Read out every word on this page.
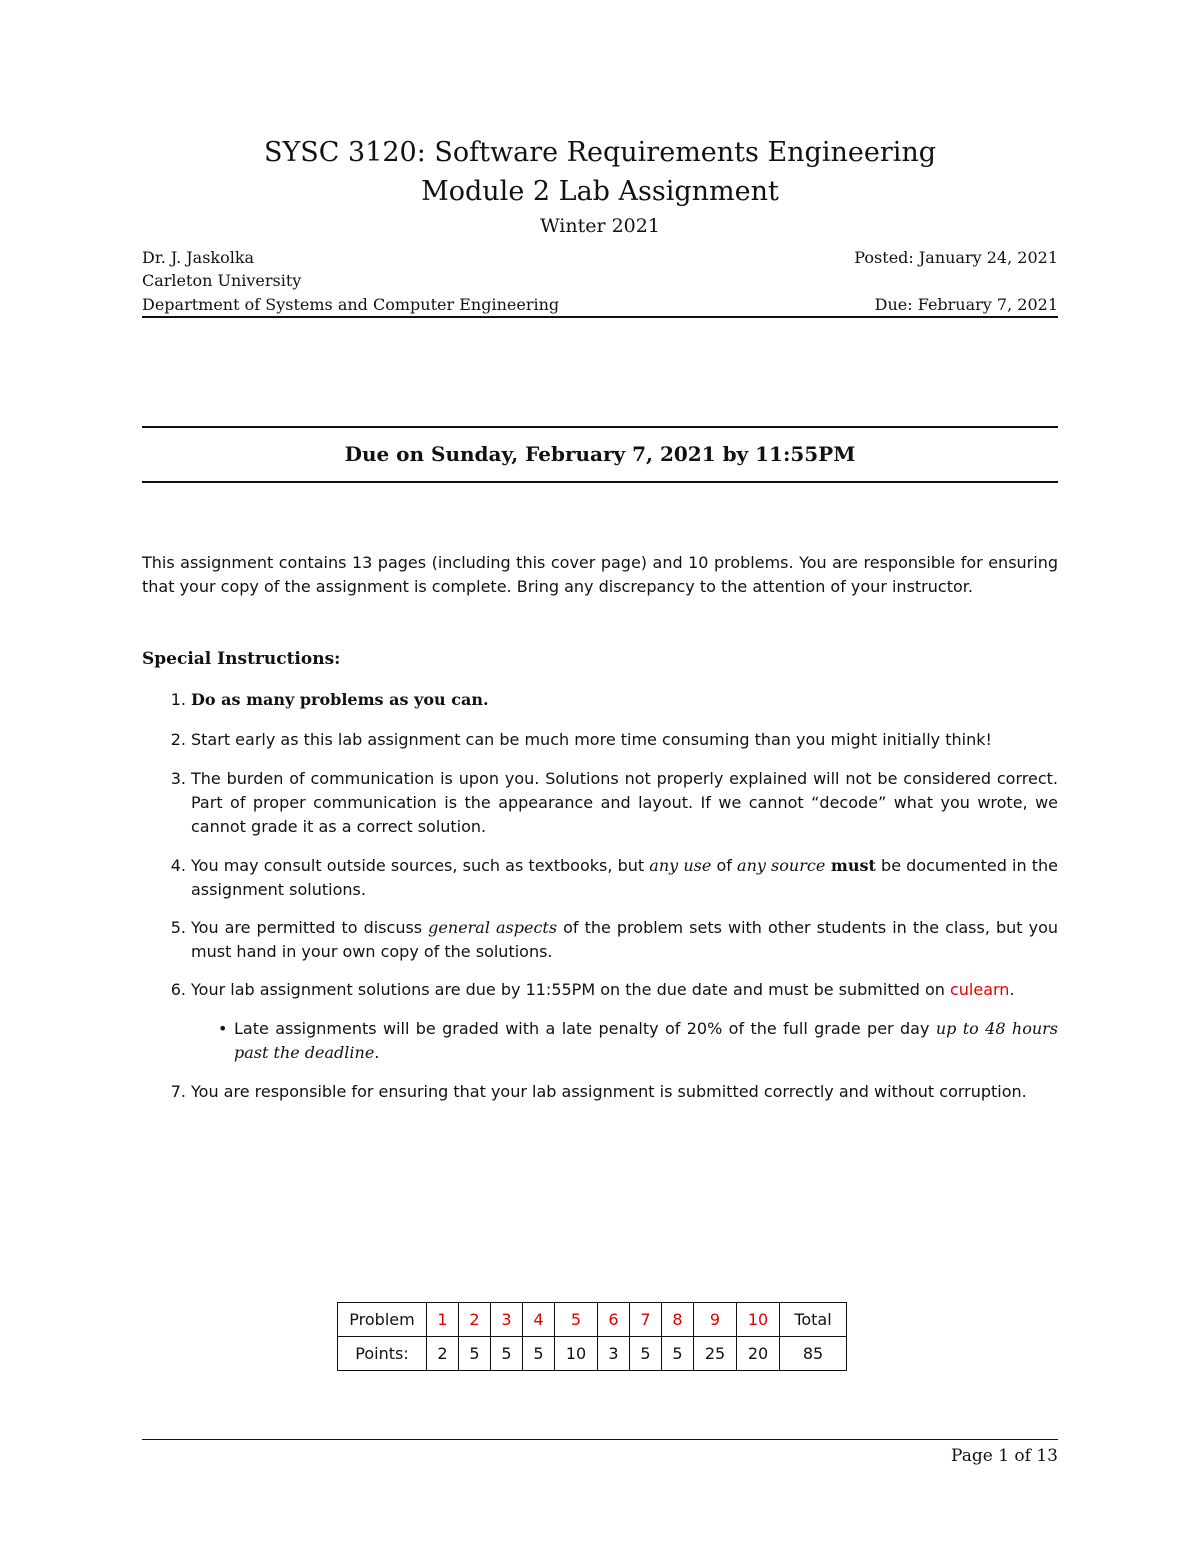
SYSC 3120: Software Requirements Engineering
Module 2 Lab Assignment
Winter 2021
Dr. J. Jaskolka	Posted: January 24, 2021
Carleton University
Department of Systems and Computer Engineering	Due: February 7, 2021
Due on Sunday, February 7, 2021 by 11:55PM
This assignment contains 13 pages (including this cover page) and 10 problems. You are responsible for ensuring that your copy of the assignment is complete. Bring any discrepancy to the attention of your instructor.
Special Instructions:
1. Do as many problems as you can.
2. Start early as this lab assignment can be much more time consuming than you might initially think!
3. The burden of communication is upon you. Solutions not properly explained will not be considered correct. Part of proper communication is the appearance and layout. If we cannot “decode” what you wrote, we cannot grade it as a correct solution.
4. You may consult outside sources, such as textbooks, but any use of any source must be documented in the assignment solutions.
5. You are permitted to discuss general aspects of the problem sets with other students in the class, but you must hand in your own copy of the solutions.
6. Your lab assignment solutions are due by 11:55PM on the due date and must be submitted on culearn.
• Late assignments will be graded with a late penalty of 20% of the full grade per day up to 48 hours past the deadline.
7. You are responsible for ensuring that your lab assignment is submitted correctly and without corruption.
Problem	1	2	3	4	5	6	7	8	9	10	Total
Points:	2	5	5	5	10	3	5	5	25	20	85
Page 1 of 13
